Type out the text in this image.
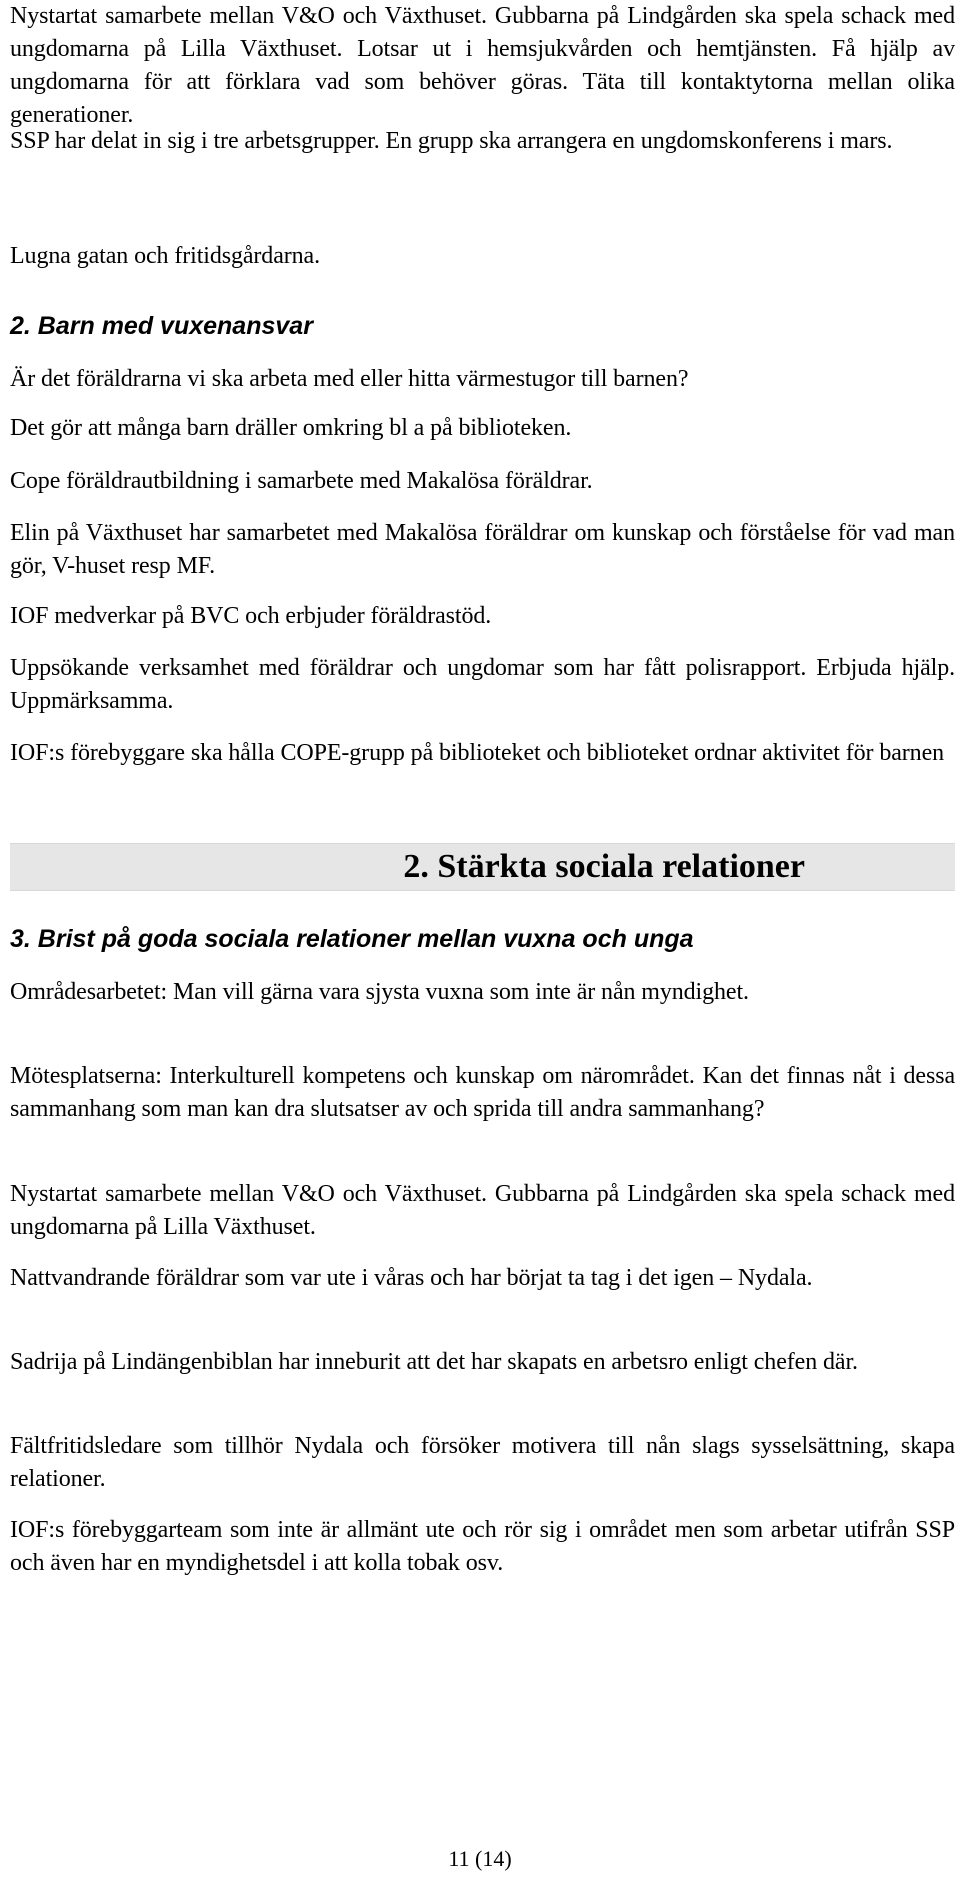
Nystartat samarbete mellan V&O och Växthuset. Gubbarna på Lindgården ska spela schack med ungdomarna på Lilla Växthuset. Lotsar ut i hemsjukvården och hemtjänsten. Få hjälp av ungdomarna för att förklara vad som behöver göras. Täta till kontaktytorna mellan olika generationer.

SSP har delat in sig i tre arbetsgrupper. En grupp ska arrangera en ungdomskonferens i mars.

Lugna gatan och fritidsgårdarna.

2. Barn med vuxenansvar

Är det föräldrarna vi ska arbeta med eller hitta värmestugor till barnen?

Det gör att många barn dräller omkring bl a på biblioteken.

Cope föräldrautbildning i samarbete med Makalösa föräldrar.

Elin på Växthuset har samarbetet med Makalösa föräldrar om kunskap och förståelse för vad man gör, V-huset resp MF.

IOF medverkar på BVC och erbjuder föräldrastöd.

Uppsökande verksamhet med föräldrar och ungdomar som har fått polisrapport. Erbjuda hjälp. Uppmärksamma.

IOF:s förebyggare ska hålla COPE-grupp på biblioteket och biblioteket ordnar aktivitet för barnen

2. Stärkta sociala relationer

3. Brist på goda sociala relationer mellan vuxna och unga

Områdesarbetet: Man vill gärna vara sjysta vuxna som inte är nån myndighet.

Mötesplatserna: Interkulturell kompetens och kunskap om närområdet. Kan det finnas nåt i dessa sammanhang som man kan dra slutsatser av och sprida till andra sammanhang?

Nystartat samarbete mellan V&O och Växthuset. Gubbarna på Lindgården ska spela schack med ungdomarna på Lilla Växthuset.

Nattvandrande föräldrar som var ute i våras och har börjat ta tag i det igen – Nydala.

Sadrija på Lindängenbiblan har inneburit att det har skapats en arbetsro enligt chefen där.

Fältfritidsledare som tillhör Nydala och försöker motivera till nån slags sysselsättning, skapa relationer.

IOF:s förebyggarteam som inte är allmänt ute och rör sig i området men som arbetar utifrån SSP och även har en myndighetsdel i att kolla tobak osv.

11 (14)
